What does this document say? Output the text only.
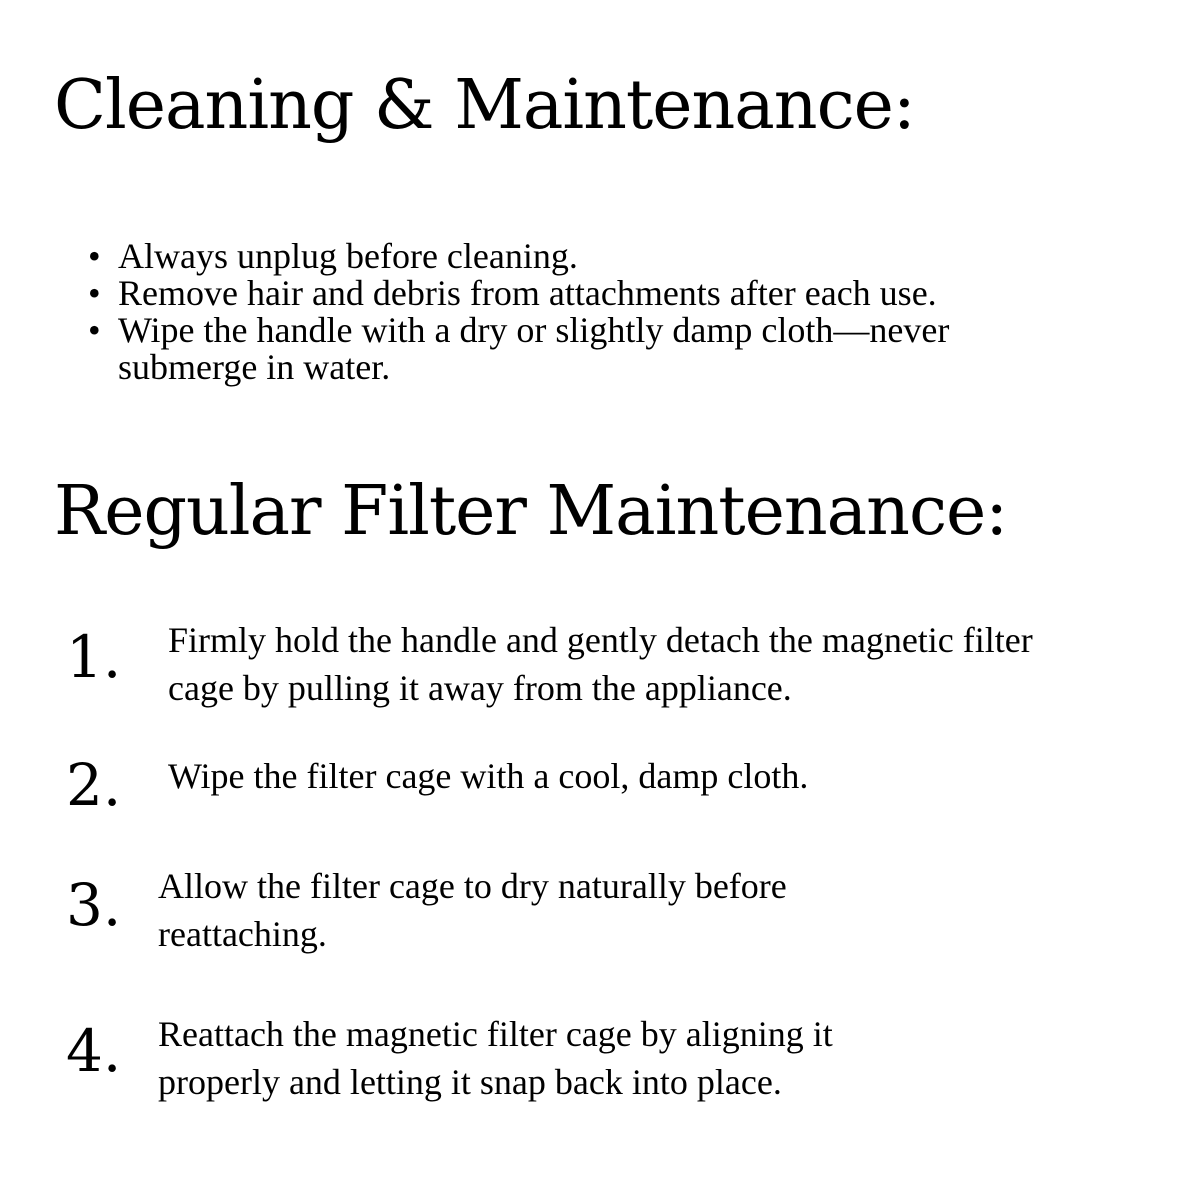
Cleaning & Maintenance:
• Always unplug before cleaning.
• Remove hair and debris from attachments after each use.
• Wipe the handle with a dry or slightly damp cloth—never submerge in water.
Regular Filter Maintenance:
1. Firmly hold the handle and gently detach the magnetic filter cage by pulling it away from the appliance.
2. Wipe the filter cage with a cool, damp cloth.
3. Allow the filter cage to dry naturally before reattaching.
4. Reattach the magnetic filter cage by aligning it properly and letting it snap back into place.
